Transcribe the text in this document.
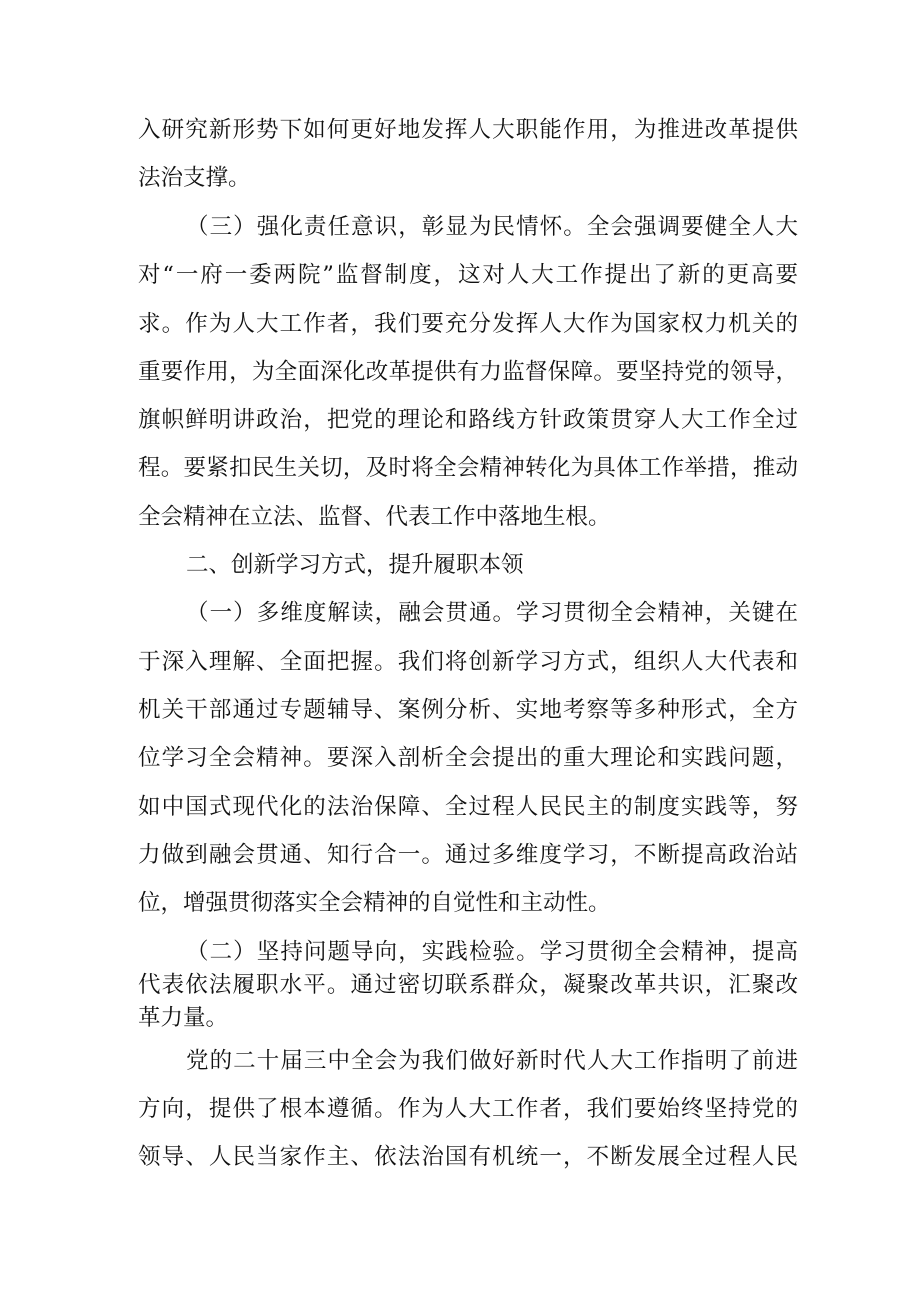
入研究新形势下如何更好地发挥人大职能作用，为推进改革提供
法治支撑。
（三）强化责任意识，彰显为民情怀。全会强调要健全人大
对“一府一委两院”监督制度，这对人大工作提出了新的更高要
求。作为人大工作者，我们要充分发挥人大作为国家权力机关的
重要作用，为全面深化改革提供有力监督保障。要坚持党的领导，
旗帜鲜明讲政治，把党的理论和路线方针政策贯穿人大工作全过
程。要紧扣民生关切，及时将全会精神转化为具体工作举措，推动
全会精神在立法、监督、代表工作中落地生根。
二、创新学习方式，提升履职本领
（一）多维度解读，融会贯通。学习贯彻全会精神，关键在
于深入理解、全面把握。我们将创新学习方式，组织人大代表和
机关干部通过专题辅导、案例分析、实地考察等多种形式，全方
位学习全会精神。要深入剖析全会提出的重大理论和实践问题，
如中国式现代化的法治保障、全过程人民民主的制度实践等，努
力做到融会贯通、知行合一。通过多维度学习，不断提高政治站
位，增强贯彻落实全会精神的自觉性和主动性。
（二）坚持问题导向，实践检验。学习贯彻全会精神，提高
代表依法履职水平。通过密切联系群众，凝聚改革共识，汇聚改
革力量。
党的二十届三中全会为我们做好新时代人大工作指明了前进
方向，提供了根本遵循。作为人大工作者，我们要始终坚持党的
领导、人民当家作主、依法治国有机统一，不断发展全过程人民
